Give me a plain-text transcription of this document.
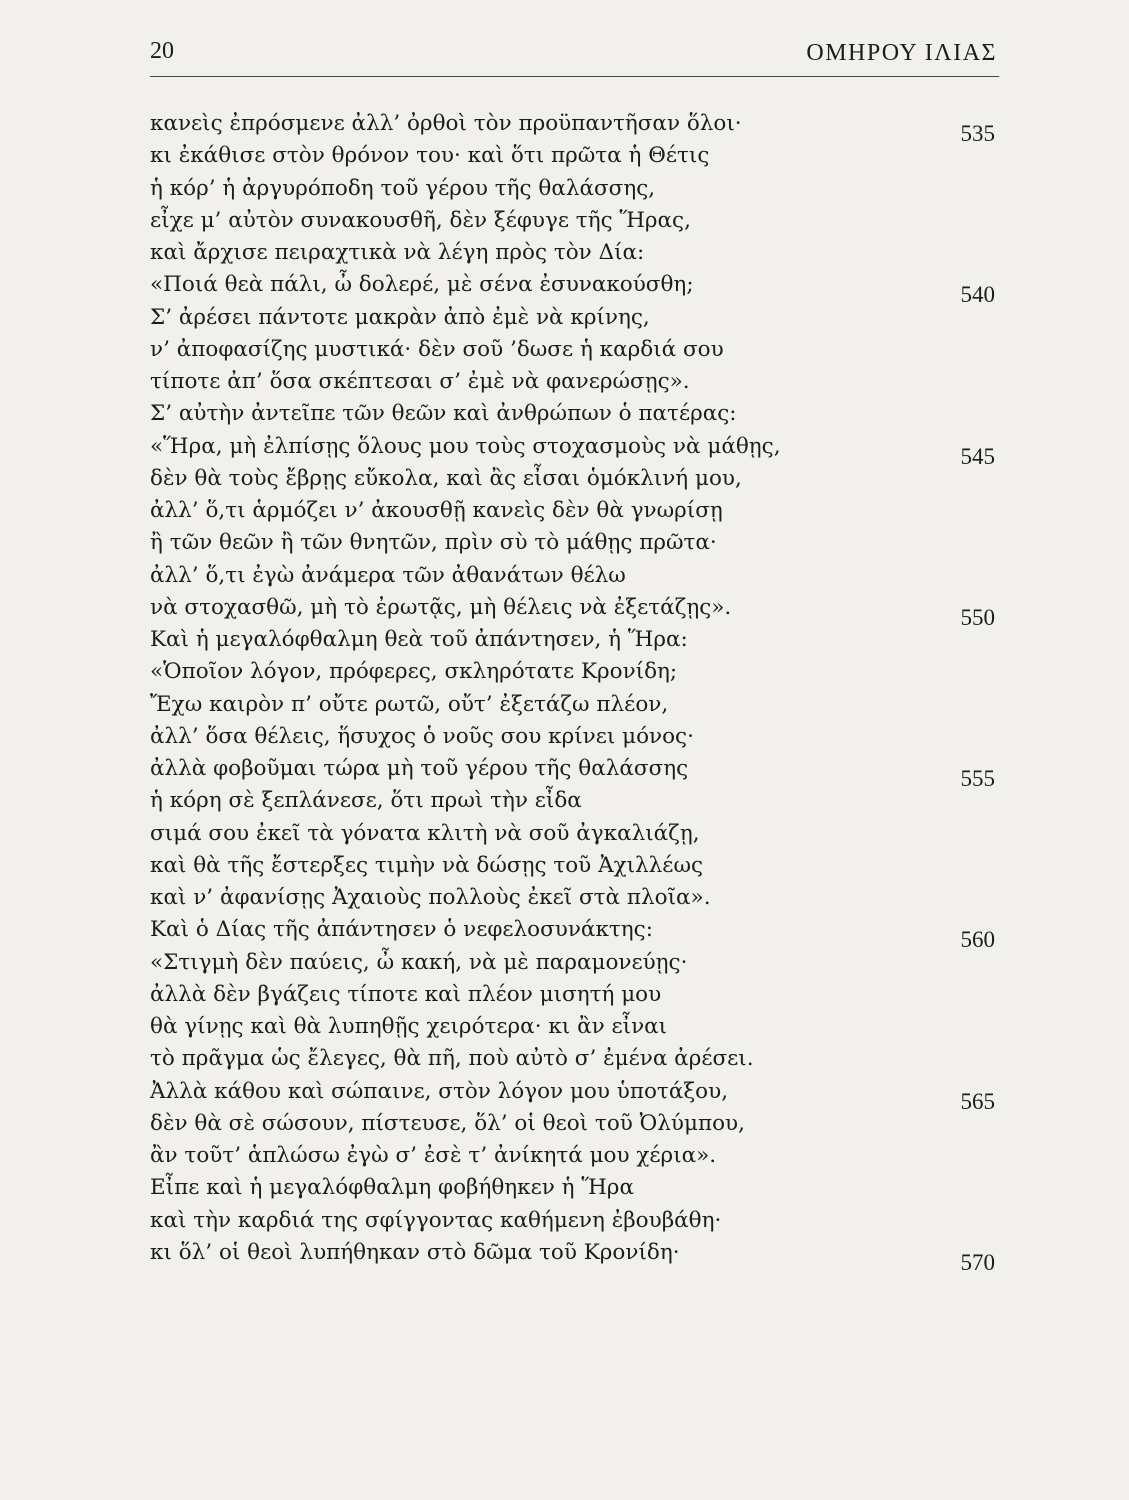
20	ΟΜΗΡΟΥ ΙΛΙΑΣ
κανεὶς ἐπρόσμενε ἀλλ’ ὀρθοὶ τὸν προϋπαντῆσαν ὅλοι·	535
κι ἐκάθισε στὸν θρόνον του· καὶ ὅτι πρῶτα ἡ Θέτις
ἡ κόρ’ ἡ ἀργυρόποδη τοῦ γέρου τῆς θαλάσσης,
εἶχε μ’ αὐτὸν συνακουσθῆ, δὲν ξέφυγε τῆς Ἥρας,
καὶ ἄρχισε πειραχτικὰ νὰ λέγη πρὸς τὸν Δία:
«Ποιά θεὰ πάλι, ὦ δολερέ, μὲ σένα ἐσυνακούσθη;	540
Σ’ ἀρέσει πάντοτε μακρὰν ἀπὸ ἐμὲ νὰ κρίνης,
ν’ ἀποφασίζης μυστικά· δὲν σοῦ ’δωσε ἡ καρδιά σου
τίποτε ἀπ’ ὅσα σκέπτεσαι σ’ ἐμὲ νὰ φανερώσῃς».
Σ’ αὐτὴν ἀντεῖπε τῶν θεῶν καὶ ἀνθρώπων ὁ πατέρας:
«Ἥρα, μὴ ἐλπίσῃς ὅλους μου τοὺς στοχασμοὺς νὰ μάθῃς,	545
δὲν θὰ τοὺς ἔβρῃς εὔκολα, καὶ ἂς εἶσαι ὁμόκλινή μου,
ἀλλ’ ὅ,τι ἁρμόζει ν’ ἀκουσθῇ κανεὶς δὲν θὰ γνωρίσῃ
ἢ τῶν θεῶν ἢ τῶν θνητῶν, πρὶν σὺ τὸ μάθῃς πρῶτα·
ἀλλ’ ὅ,τι ἐγὼ ἀνάμερα τῶν ἀθανάτων θέλω
νὰ στοχασθῶ, μὴ τὸ ἐρωτᾷς, μὴ θέλεις νὰ ἐξετάζῃς».	550
Καὶ ἡ μεγαλόφθαλμη θεὰ τοῦ ἀπάντησεν, ἡ Ἥρα:
«Ὁποῖον λόγον, πρόφερες, σκληρότατε Κρονίδη;
Ἔχω καιρὸν π’ οὔτε ρωτῶ, οὔτ’ ἐξετάζω πλέον,
ἀλλ’ ὅσα θέλεις, ἥσυχος ὁ νοῦς σου κρίνει μόνος·
ἀλλὰ φοβοῦμαι τώρα μὴ τοῦ γέρου τῆς θαλάσσης	555
ἡ κόρη σὲ ξεπλάνεσε, ὅτι πρωὶ τὴν εἶδα
σιμά σου ἐκεῖ τὰ γόνατα κλιτὴ νὰ σοῦ ἀγκαλιάζῃ,
καὶ θὰ τῆς ἔστερξες τιμὴν νὰ δώσῃς τοῦ Ἀχιλλέως
καὶ ν’ ἀφανίσῃς Ἀχαιοὺς πολλοὺς ἐκεῖ στὰ πλοῖα».
Καὶ ὁ Δίας τῆς ἀπάντησεν ὁ νεφελοσυνάκτης:	560
«Στιγμὴ δὲν παύεις, ὦ κακή, νὰ μὲ παραμονεύῃς·
ἀλλὰ δὲν βγάζεις τίποτε καὶ πλέον μισητή μου
θὰ γίνῃς καὶ θὰ λυπηθῇς χειρότερα· κι ἂν εἶναι
τὸ πρᾶγμα ὡς ἔλεγες, θὰ πῆ, ποὺ αὐτὸ σ’ ἐμένα ἀρέσει.
Ἀλλὰ κάθου καὶ σώπαινε, στὸν λόγον μου ὑποτάξου,	565
δὲν θὰ σὲ σώσουν, πίστευσε, ὅλ’ οἱ θεοὶ τοῦ Ὀλύμπου,
ἂν τοῦτ’ ἁπλώσω ἐγὼ σ’ ἐσὲ τ’ ἀνίκητά μου χέρια».
Εἶπε καὶ ἡ μεγαλόφθαλμη φοβήθηκεν ἡ Ἥρα
καὶ τὴν καρδιά της σφίγγοντας καθήμενη ἐβουβάθη·
κι ὅλ’ οἱ θεοὶ λυπήθηκαν στὸ δῶμα τοῦ Κρονίδη·	570
